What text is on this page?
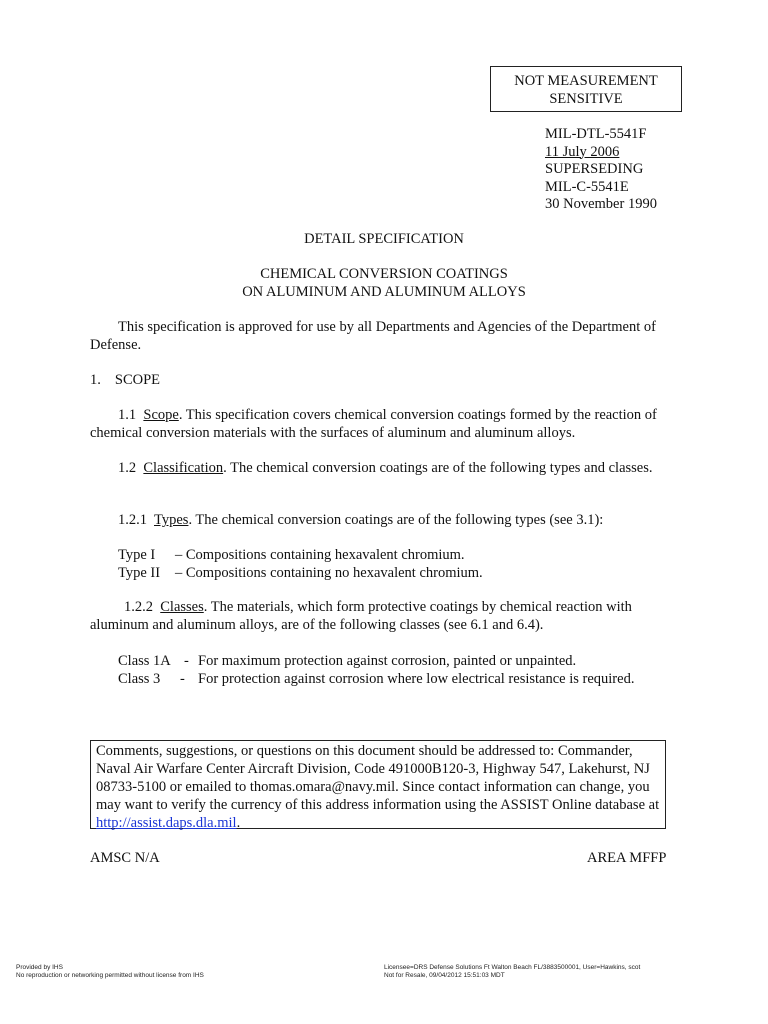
NOT MEASUREMENT
SENSITIVE
MIL-DTL-5541F
11 July 2006
SUPERSEDING
MIL-C-5541E
30 November 1990
DETAIL SPECIFICATION
CHEMICAL CONVERSION COATINGS
ON ALUMINUM AND ALUMINUM ALLOYS
This specification is approved for use by all Departments and Agencies of the Department of Defense.
1. SCOPE
1.1 Scope. This specification covers chemical conversion coatings formed by the reaction of chemical conversion materials with the surfaces of aluminum and aluminum alloys.
1.2 Classification. The chemical conversion coatings are of the following types and classes.
1.2.1 Types. The chemical conversion coatings are of the following types (see 3.1):
Type I – Compositions containing hexavalent chromium.
Type II – Compositions containing no hexavalent chromium.
1.2.2 Classes. The materials, which form protective coatings by chemical reaction with aluminum and aluminum alloys, are of the following classes (see 6.1 and 6.4).
Class 1A - For maximum protection against corrosion, painted or unpainted.
Class 3 - For protection against corrosion where low electrical resistance is required.
Comments, suggestions, or questions on this document should be addressed to: Commander, Naval Air Warfare Center Aircraft Division, Code 491000B120-3, Highway 547, Lakehurst, NJ 08733-5100 or emailed to thomas.omara@navy.mil. Since contact information can change, you may want to verify the currency of this address information using the ASSIST Online database at http://assist.daps.dla.mil.
AMSC N/A	AREA MFFP
Provided by IHS
No reproduction or networking permitted without license from IHS
Licensee=DRS Defense Solutions Ft Walton Beach FL/3883500001, User=Hawkins, scot
Not for Resale, 09/04/2012 15:51:03 MDT
